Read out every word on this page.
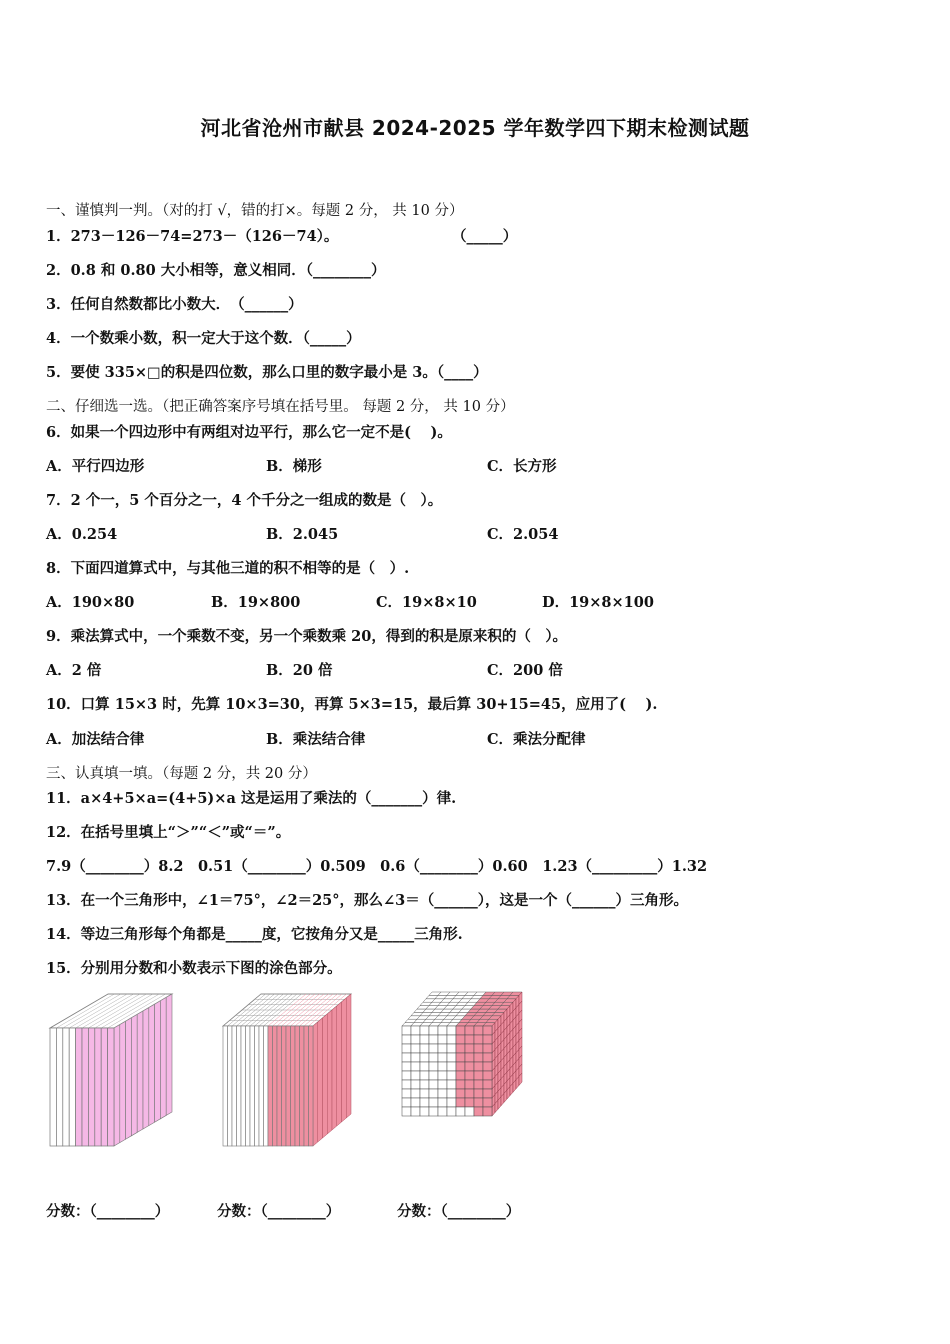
河北省沧州市献县 2024-2025 学年数学四下期末检测试题
一、谨慎判一判。（对的打 √，错的打×。每题 2 分， 共 10 分）
1．273－126－74=273－（126－74）。	（_____）
2．0.8 和 0.80 大小相等，意义相同．（________）
3．任何自然数都比小数大．　（______）
4．一个数乘小数，积一定大于这个数．（_____）
5．要使 335×□的积是四位数，那么口里的数字最小是 3。（____）
二、仔细选一选。（把正确答案序号填在括号里。 每题 2 分， 共 10 分）
6．如果一个四边形中有两组对边平行，那么它一定不是(　 )。
A．平行四边形	B．梯形	C．长方形
7．2 个一，5 个百分之一，4 个千分之一组成的数是（　）。
A．0.254	B．2.045	C．2.054
8．下面四道算式中，与其他三道的积不相等的是（　）.
A．190×80	B．19×800	C．19×8×10	D．19×8×100
9．乘法算式中，一个乘数不变，另一个乘数乘 20，得到的积是原来积的（　）。
A．2 倍	B．20 倍	C．200 倍
10．口算 15×3 时，先算 10×3=30，再算 5×3=15，最后算 30+15=45，应用了(　 ).
A．加法结合律	B．乘法结合律	C．乘法分配律
三、认真填一填。（每题 2 分，共 20 分）
11．a×4+5×a=(4+5)×a 这是运用了乘法的（_______）律.
12．在括号里填上“＞”“＜”或“＝”。
7.9（________）8.2　0.51（________）0.509　0.6（________）0.60　1.23（_________）1.32
13．在一个三角形中，∠1＝75°，∠2＝25°，那么∠3＝（______），这是一个（______）三角形。
14．等边三角形每个角都是_____度，它按角分又是_____三角形.
15．分别用分数和小数表示下图的涂色部分。
分数：（________）	分数：（________）	分数：（________）
